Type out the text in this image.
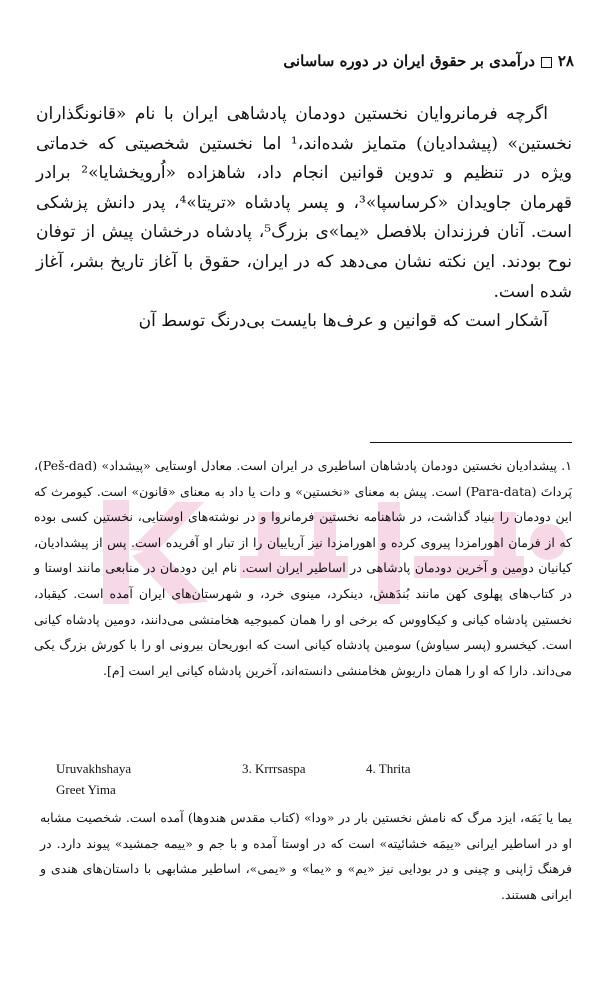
۲۸درآمدی بر حقوق ایران در دوره ساسانی

اگرچه فرمانروایان نخستین دودمان پادشاهی ایران با نام «قانونگذاران نخستین» (پیشدادیان) متمایز شده‌اند،¹ اما نخستین شخصیتی که خدماتی ویژه در تنظیم و تدوین قوانین انجام داد، شاهزاده «اُرویخشایا»² برادر قهرمان جاویدان «کرساسپا»³، و پسر پادشاه «تریتا»⁴، پدر دانش پزشکی است. آنان فرزندان بلافصل «یما»ی بزرگ⁵، پادشاه درخشان پیش از توفان نوح بودند. این نکته نشان می‌دهد که در ایران، حقوق با آغاز تاریخ بشر، آغاز شده است.

آشکار است که قوانین و عرف‌ها بایست بی‌درنگ توسط آن

۱. پیشدادیان نخستین دودمان پادشاهان اساطیری در ایران است. معادل اوستایی «پیشداد» (Peš-dad)، پَرداتَ (Para-data) است. پیش به معنای «نخستین» و دات یا داد به معنای «قانون» است. کیومرث که این دودمان را بنیاد گذاشت، در شاهنامه نخستین فرمانروا و در نوشته‌های اوستایی، نخستین کسی بوده که از فرمان اهورامزدا پیروی کرده و اهورامزدا نیز آریاییان را از تبار او آفریده است. پس از پیشدادیان، کیانیان دومین و آخرین دودمان پادشاهی در اساطیر ایران است. نام این دودمان در منابعی مانند اوستا و در کتاب‌های پهلوی کهن مانند بُندَهش، دینکرد، مینوی خرد، و شهرستان‌های ایران آمده است. کیقباد، نخستین پادشاه کیانی و کیکاووس که برخی او را همان کمبوجیه هخامنشی می‌دانند، دومین پادشاه کیانی است. کیخسرو (پسر سیاوش) سومین پادشاه کیانی است که ابوریحان بیرونی او را با کورش بزرگ یکی می‌داند. دارا که او را همان داریوش هخامنشی دانسته‌اند، آخرین پادشاه کیانی ایر است [م].
Uruvakhshaya	3. Krrrsaspa	4. Thrita
Greet Yima
یما یا یَمَه، ایزد مرگ که نامش نخستین بار در «ودا» (کتاب مقدس هندوها) آمده است. شخصیت مشابه او در اساطیر ایرانی «ییمَه خشائیته» است که در اوستا آمده و با جم و «ییمه جمشید» پیوند دارد. در فرهنگ ژاپنی و چینی و در بودایی نیز «یم» و «یما» و «یمی»، اساطیر مشابهی با داستان‌های هندی و ایرانی هستند.
